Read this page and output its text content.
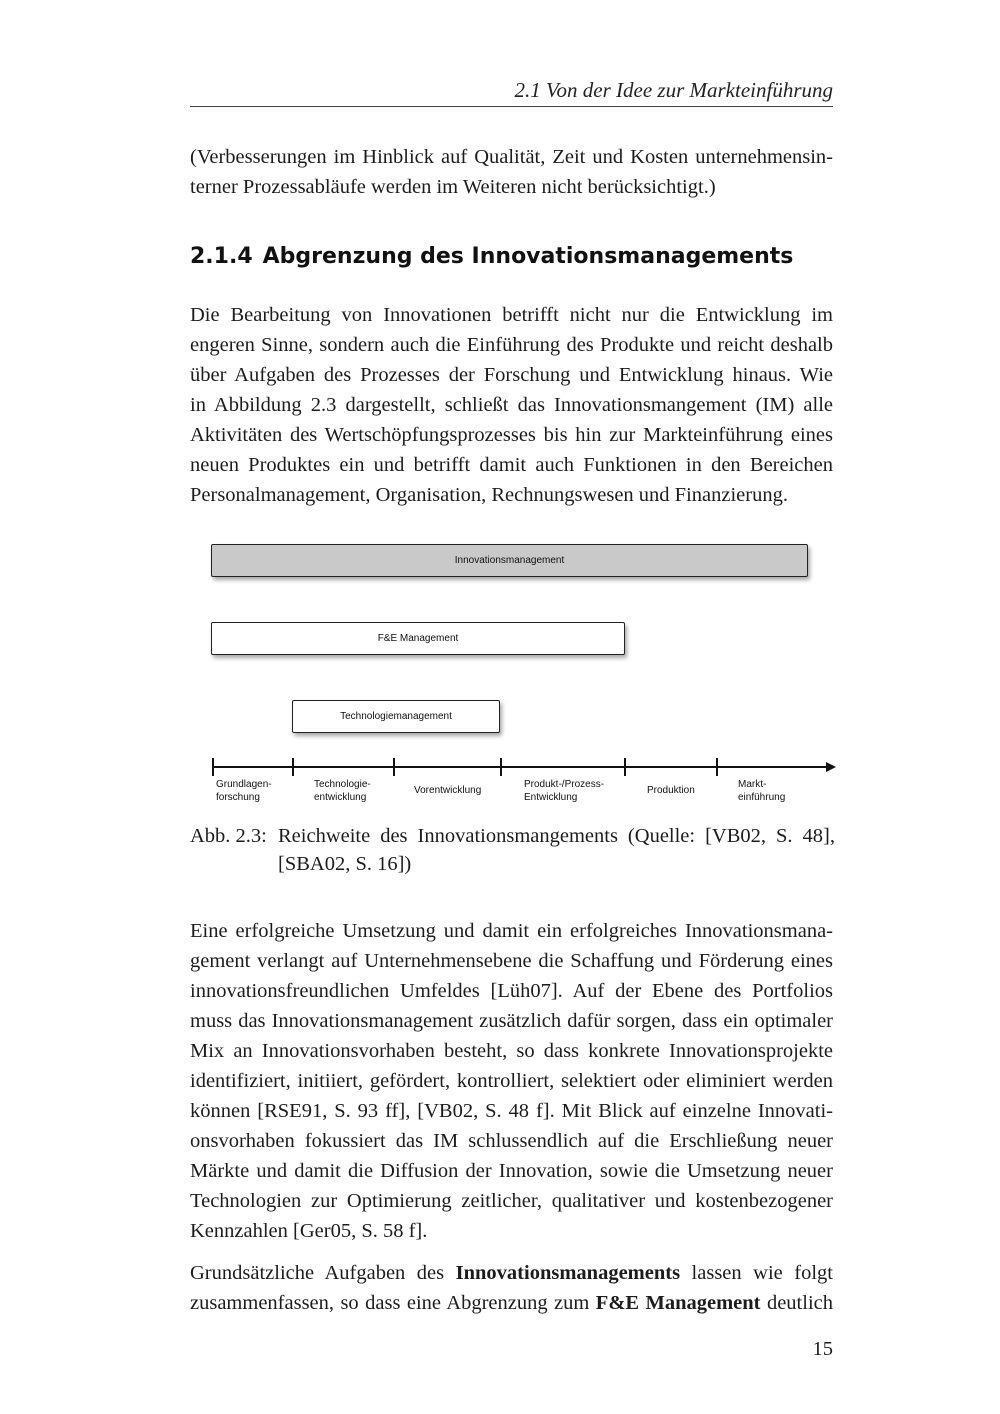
2.1 Von der Idee zur Markteinführung
(Verbesserungen im Hinblick auf Qualität, Zeit und Kosten unternehmensin-
terner Prozessabläufe werden im Weiteren nicht berücksichtigt.)
2.1.4 Abgrenzung des Innovationsmanagements
Die Bearbeitung von Innovationen betrifft nicht nur die Entwicklung im
engeren Sinne, sondern auch die Einführung des Produkte und reicht deshalb
über Aufgaben des Prozesses der Forschung und Entwicklung hinaus. Wie
in Abbildung 2.3 dargestellt, schließt das Innovationsmangement (IM) alle
Aktivitäten des Wertschöpfungsprozesses bis hin zur Markteinführung eines
neuen Produktes ein und betrifft damit auch Funktionen in den Bereichen
Personalmanagement, Organisation, Rechnungswesen und Finanzierung.
Innovationsmanagement
F&E Management
Technologiemanagement
Grundlagen-
forschung
Technologie-
entwicklung
Vorentwicklung
Produkt-/Prozess-
Entwicklung
Produktion
Markt-
einführung
Abb. 2.3: Reichweite des Innovationsmangements (Quelle: [VB02, S. 48],
[SBA02, S. 16])
Eine erfolgreiche Umsetzung und damit ein erfolgreiches Innovationsmana-
gement verlangt auf Unternehmensebene die Schaffung und Förderung eines
innovationsfreundlichen Umfeldes [Lüh07]. Auf der Ebene des Portfolios
muss das Innovationsmanagement zusätzlich dafür sorgen, dass ein optimaler
Mix an Innovationsvorhaben besteht, so dass konkrete Innovationsprojekte
identifiziert, initiiert, gefördert, kontrolliert, selektiert oder eliminiert werden
können [RSE91, S. 93 ff], [VB02, S. 48 f]. Mit Blick auf einzelne Innovati-
onsvorhaben fokussiert das IM schlussendlich auf die Erschließung neuer
Märkte und damit die Diffusion der Innovation, sowie die Umsetzung neuer
Technologien zur Optimierung zeitlicher, qualitativer und kostenbezogener
Kennzahlen [Ger05, S. 58 f].
Grundsätzliche Aufgaben des Innovationsmanagements lassen wie folgt
zusammenfassen, so dass eine Abgrenzung zum F&E Management deutlich
15
